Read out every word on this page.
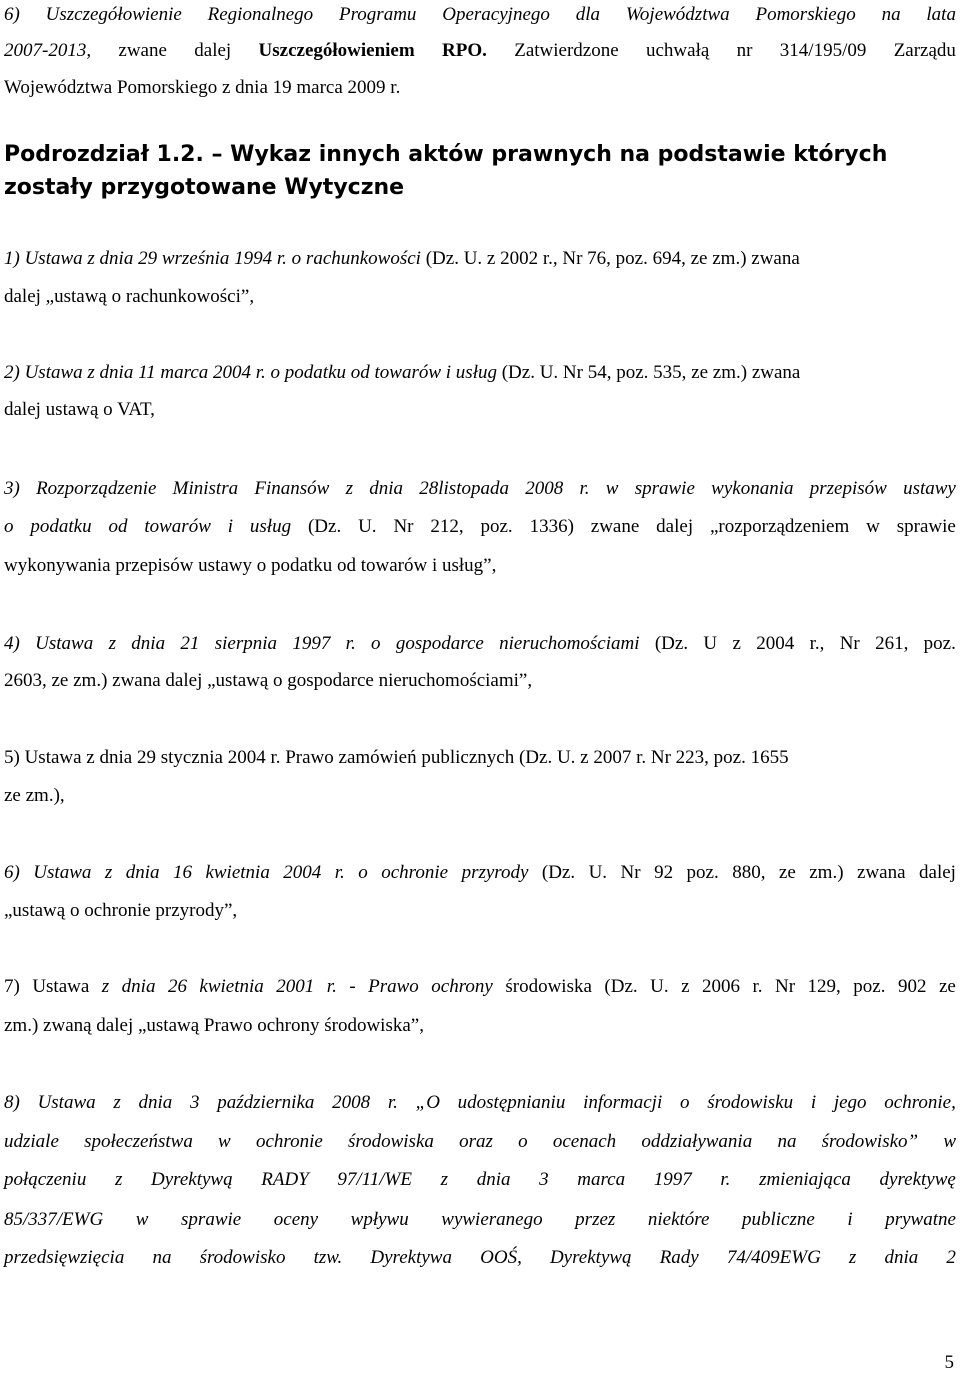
6) Uszczegółowienie Regionalnego Programu Operacyjnego dla Województwa Pomorskiego na lata
2007-2013, zwane dalej Uszczegółowieniem RPO. Zatwierdzone uchwałą nr 314/195/09 Zarządu
Województwa Pomorskiego z dnia 19 marca 2009 r.
Podrozdział 1.2. – Wykaz innych aktów prawnych na podstawie których
zostały przygotowane Wytyczne
1) Ustawa z dnia 29 września 1994 r. o rachunkowości (Dz. U. z 2002 r., Nr 76, poz. 694, ze zm.) zwana
dalej „ustawą o rachunkowości”,
2) Ustawa z dnia 11 marca 2004 r. o podatku od towarów i usług (Dz. U. Nr 54, poz. 535, ze zm.) zwana
dalej ustawą o VAT,
3) Rozporządzenie Ministra Finansów z dnia 28listopada 2008 r. w sprawie wykonania przepisów ustawy
o podatku od towarów i usług (Dz. U. Nr 212, poz. 1336) zwane dalej „rozporządzeniem w sprawie
wykonywania przepisów ustawy o podatku od towarów i usług”,
4) Ustawa z dnia 21 sierpnia 1997 r. o gospodarce nieruchomościami (Dz. U z 2004 r., Nr 261, poz.
2603, ze zm.) zwana dalej „ustawą o gospodarce nieruchomościami”,
5) Ustawa z dnia 29 stycznia 2004 r. Prawo zamówień publicznych (Dz. U. z 2007 r. Nr 223, poz. 1655
ze zm.),
6) Ustawa z dnia 16 kwietnia 2004 r. o ochronie przyrody (Dz. U. Nr 92 poz. 880, ze zm.) zwana dalej
„ustawą o ochronie przyrody”,
7) Ustawa z dnia 26 kwietnia 2001 r. - Prawo ochrony środowiska (Dz. U. z 2006 r. Nr 129, poz. 902 ze
zm.) zwaną dalej „ustawą Prawo ochrony środowiska”,
8) Ustawa z dnia 3 października 2008 r. „O udostępnianiu informacji o środowisku i jego ochronie,
udziale społeczeństwa w ochronie środowiska oraz o ocenach oddziaływania na środowisko” w
połączeniu z Dyrektywą RADY 97/11/WE z dnia 3 marca 1997 r. zmieniająca dyrektywę
85/337/EWG w sprawie oceny wpływu wywieranego przez niektóre publiczne i prywatne
przedsięwzięcia na środowisko tzw. Dyrektywa OOŚ, Dyrektywą Rady 74/409EWG z dnia 2
5
